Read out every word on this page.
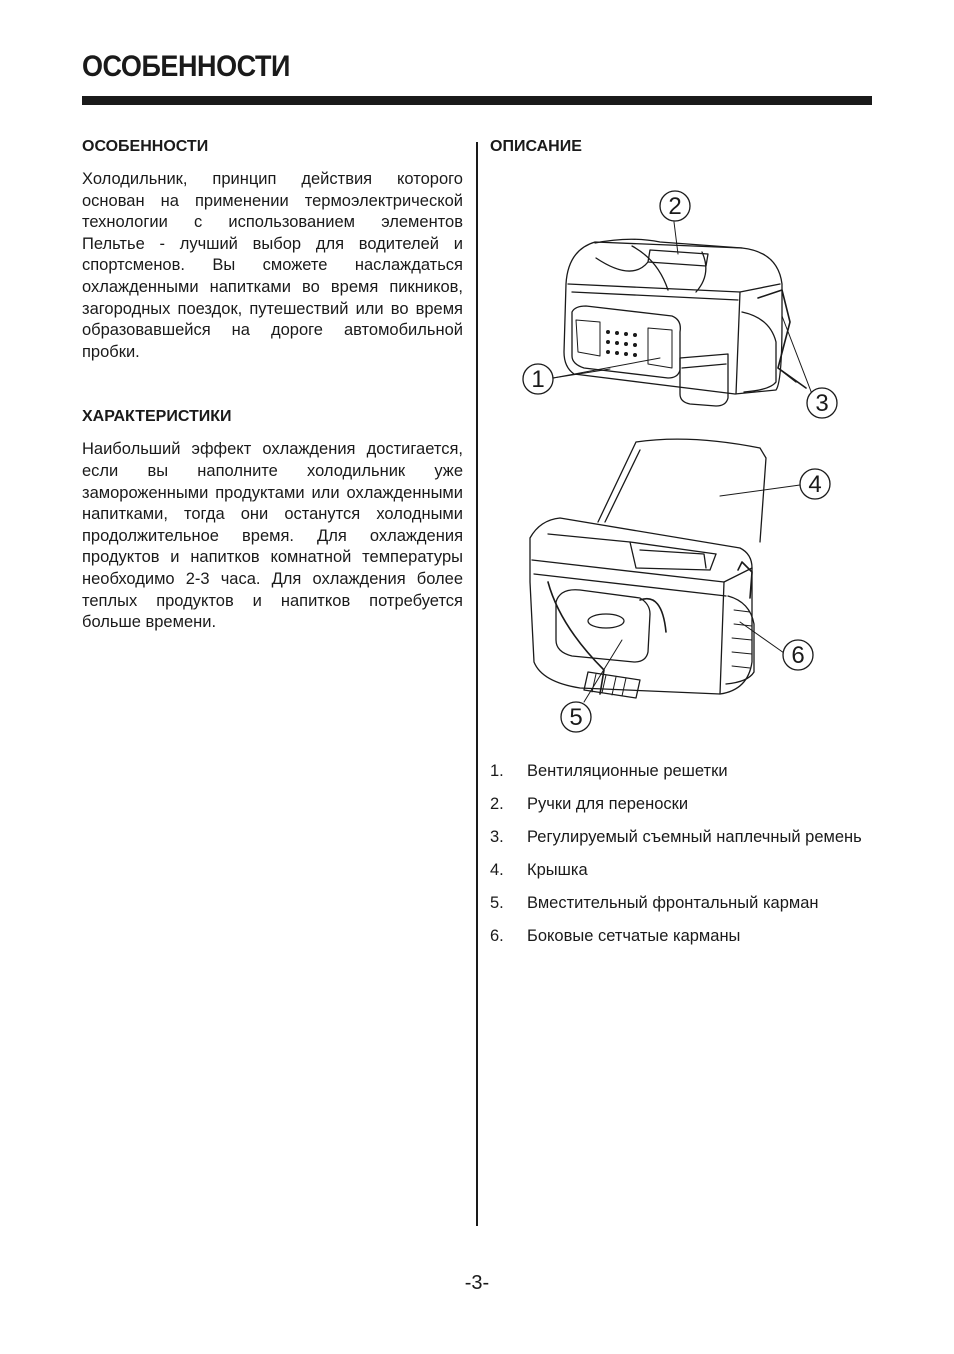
ОСОБЕННОСТИ
ОСОБЕННОСТИ

Холодильник, принцип действия которого основан на применении термоэлектрической технологии с использованием элементов Пельтье - лучший выбор для водителей и спортсменов. Вы сможете наслаждаться охлажденными напитками во время пикников, загородных поездок, путешествий или во время образовавшейся на дороге автомобильной пробки.

ХАРАКТЕРИСТИКИ

Наибольший эффект охлаждения достигается, если вы наполните холодильник уже замороженными продуктами или охлажденными напитками, тогда они останутся холодными продолжительное время. Для охлаждения продуктов и напитков комнатной температуры необходимо 2-3 часа. Для охлаждения более теплых продуктов и напитков потребуется больше времени.

ОПИСАНИЕ
1
2
3
4
5
6
1.	Вентиляционные решетки
2.	Ручки для переноски
3.	Регулируемый съемный наплечный ремень
4.	Крышка
5.	Вместительный фронтальный карман
6.	Боковые сетчатые карманы
-3-
